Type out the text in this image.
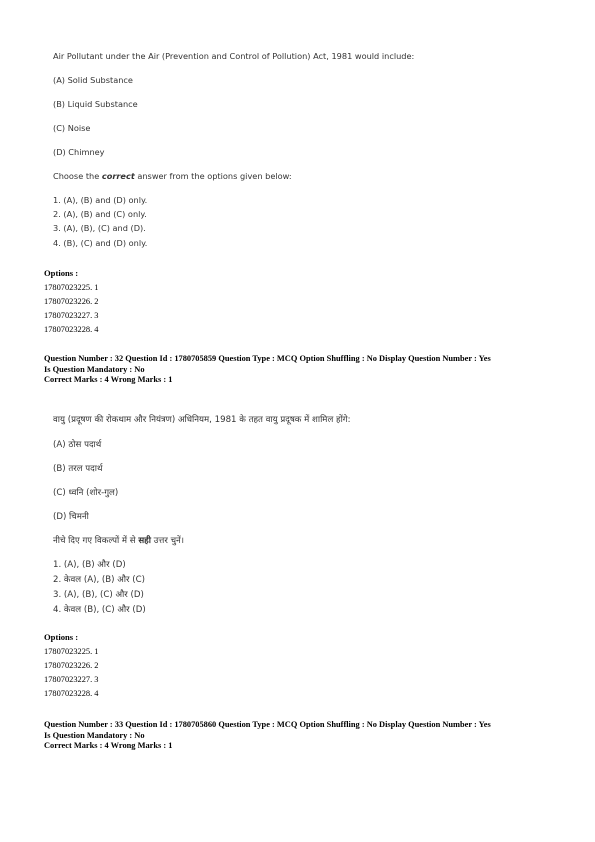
Air Pollutant under the Air (Prevention and Control of Pollution) Act, 1981 would include:
(A) Solid Substance
(B) Liquid Substance
(C) Noise
(D) Chimney
Choose the correct answer from the options given below:
1. (A), (B) and (D) only.
2. (A), (B) and (C) only.
3. (A), (B), (C) and (D).
4. (B), (C) and (D) only.
Options :
17807023225. 1
17807023226. 2
17807023227. 3
17807023228. 4
Question Number : 32 Question Id : 1780705859 Question Type : MCQ Option Shuffling : No Display Question Number : Yes
Is Question Mandatory : No
Correct Marks : 4 Wrong Marks : 1
वायु (प्रदूषण की रोकथाम और नियंत्रण) अधिनियम, 1981 के तहत वायु प्रदूषक में शामिल होंगे:
(A) ठोस पदार्थ
(B) तरल पदार्थ
(C) ध्वनि (शोर-गुल)
(D) चिमनी
नीचे दिए गए विकल्पों में से सही उत्तर चुनें।
1. (A), (B) और (D)
2. केवल (A), (B) और (C)
3. (A), (B), (C) और (D)
4. केवल (B), (C) और (D)
Options :
17807023225. 1
17807023226. 2
17807023227. 3
17807023228. 4
Question Number : 33 Question Id : 1780705860 Question Type : MCQ Option Shuffling : No Display Question Number : Yes
Is Question Mandatory : No
Correct Marks : 4 Wrong Marks : 1
